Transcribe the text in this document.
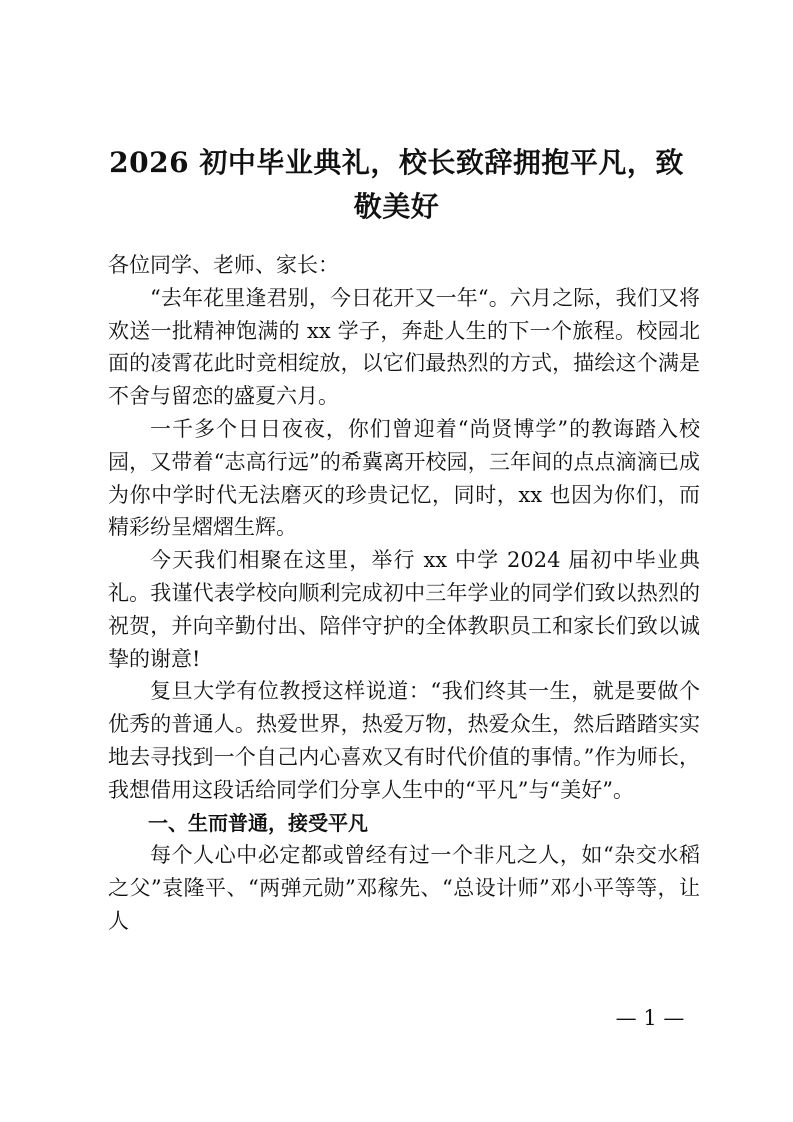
2026 初中毕业典礼，校长致辞拥抱平凡，致敬美好

各位同学、老师、家长：

“去年花里逢君别，今日花开又一年“。六月之际，我们又将欢送一批精神饱满的 xx 学子，奔赴人生的下一个旅程。校园北面的凌霄花此时竞相绽放，以它们最热烈的方式，描绘这个满是不舍与留恋的盛夏六月。

一千多个日日夜夜，你们曾迎着“尚贤博学”的教诲踏入校园，又带着“志高行远”的希冀离开校园，三年间的点点滴滴已成为你中学时代无法磨灭的珍贵记忆，同时，xx 也因为你们，而精彩纷呈熠熠生辉。

今天我们相聚在这里，举行 xx 中学 2024 届初中毕业典礼。我谨代表学校向顺利完成初中三年学业的同学们致以热烈的祝贺，并向辛勤付出、陪伴守护的全体教职员工和家长们致以诚挚的谢意!

复旦大学有位教授这样说道：“我们终其一生，就是要做个优秀的普通人。热爱世界，热爱万物，热爱众生，然后踏踏实实地去寻找到一个自己内心喜欢又有时代价值的事情。”作为师长，我想借用这段话给同学们分享人生中的“平凡”与“美好”。

一、生而普通，接受平凡

每个人心中必定都或曾经有过一个非凡之人，如“杂交水稻之父”袁隆平、“两弹元勋”邓稼先、“总设计师”邓小平等等，让人

— 1 —
